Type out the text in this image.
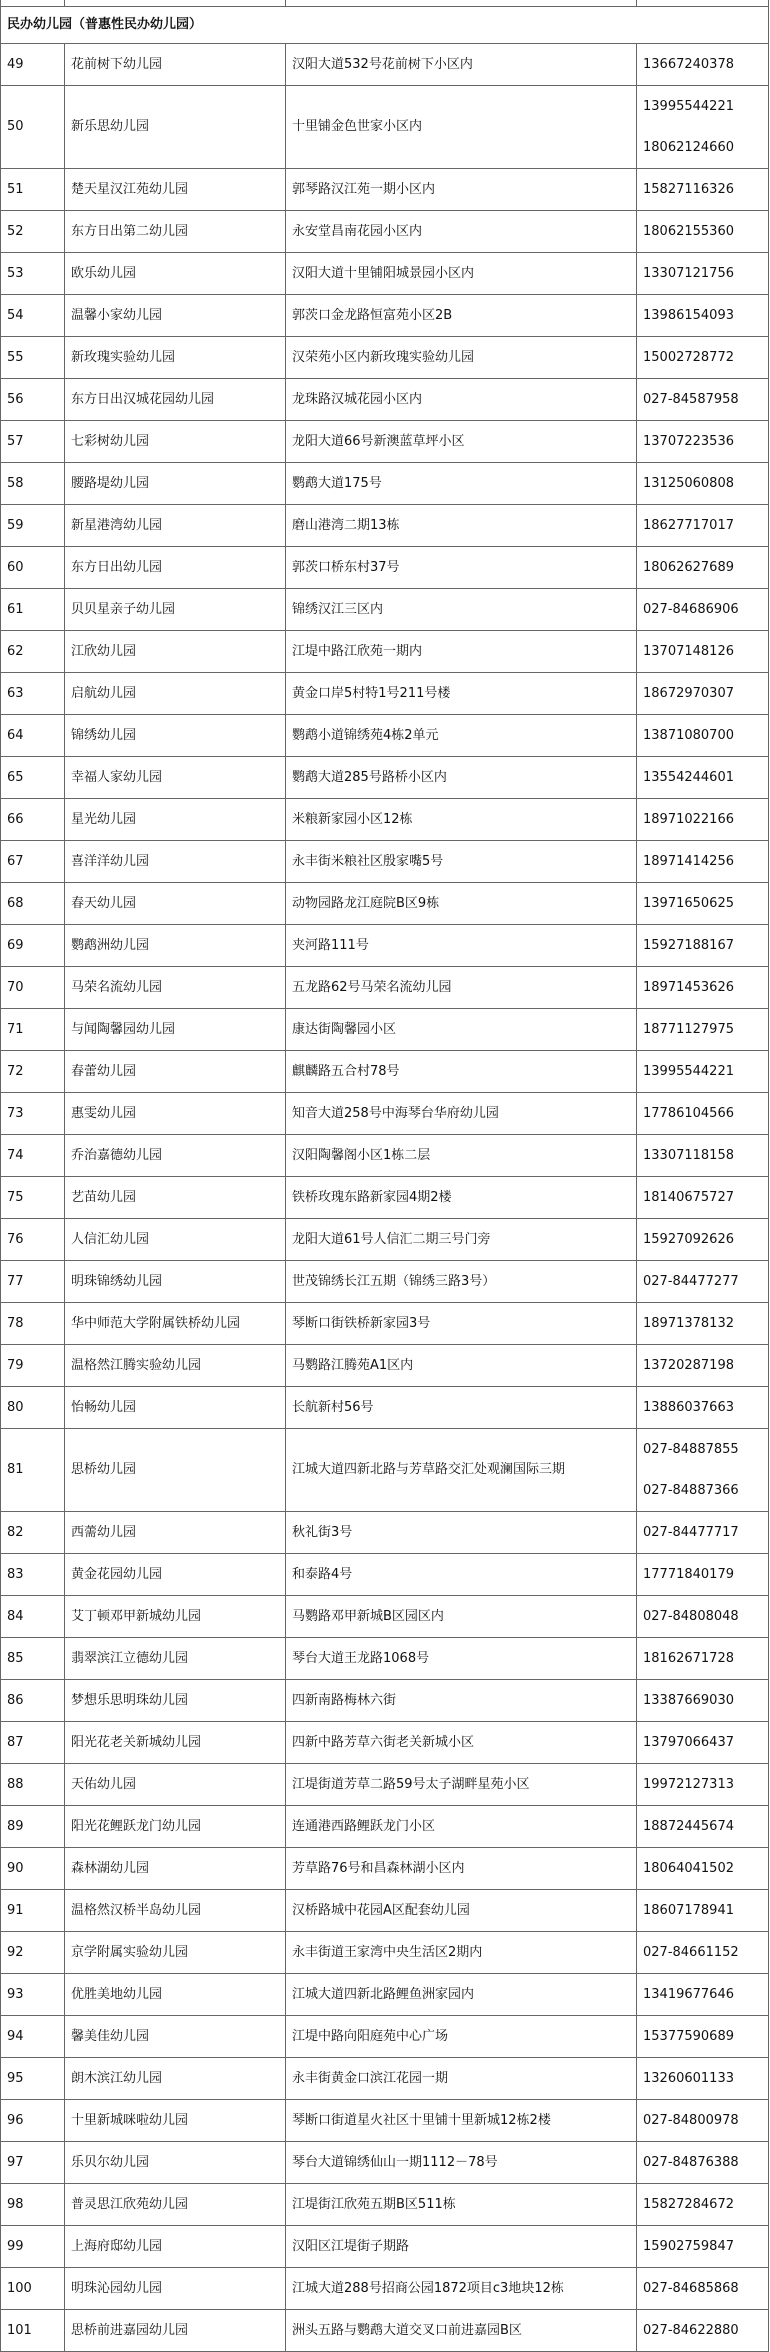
民办幼儿园（普惠性民办幼儿园）			
49	花前树下幼儿园	汉阳大道532号花前树下小区内	13667240378

50	新乐思幼儿园	十里铺金色世家小区内	13995544221
18062124660

51	楚天星汉江苑幼儿园	郭琴路汉江苑一期小区内	15827116326

52	东方日出第二幼儿园	永安堂昌南花园小区内	18062155360

53	欧乐幼儿园	汉阳大道十里铺阳城景园小区内	13307121756

54	温馨小家幼儿园	郭茨口金龙路恒富苑小区2B	13986154093

55	新玫瑰实验幼儿园	汉荣苑小区内新玫瑰实验幼儿园	15002728772

56	东方日出汉城花园幼儿园	龙珠路汉城花园小区内	027-84587958

57	七彩树幼儿园	龙阳大道66号新澳蓝草坪小区	13707223536

58	腰路堤幼儿园	鹦鹉大道175号	13125060808

59	新星港湾幼儿园	磨山港湾二期13栋	18627717017

60	东方日出幼儿园	郭茨口桥东村37号	18062627689

61	贝贝星亲子幼儿园	锦绣汉江三区内	027-84686906

62	江欣幼儿园	江堤中路江欣苑一期内	13707148126

63	启航幼儿园	黄金口岸5村特1号211号楼	18672970307

64	锦绣幼儿园	鹦鹉小道锦绣苑4栋2单元	13871080700

65	幸福人家幼儿园	鹦鹉大道285号路桥小区内	13554244601

66	星光幼儿园	米粮新家园小区12栋	18971022166

67	喜洋洋幼儿园	永丰街米粮社区殷家嘴5号	18971414256

68	春天幼儿园	动物园路龙江庭院B区9栋	13971650625

69	鹦鹉洲幼儿园	夹河路111号	15927188167

70	马荣名流幼儿园	五龙路62号马荣名流幼儿园	18971453626

71	与闻陶馨园幼儿园	康达街陶馨园小区	18771127975

72	春蕾幼儿园	麒麟路五合村78号	13995544221

73	惠雯幼儿园	知音大道258号中海琴台华府幼儿园	17786104566

74	乔治嘉德幼儿园	汉阳陶馨阁小区1栋二层	13307118158

75	艺苗幼儿园	铁桥玫瑰东路新家园4期2楼	18140675727

76	人信汇幼儿园	龙阳大道61号人信汇二期三号门旁	15927092626

77	明珠锦绣幼儿园	世茂锦绣长江五期（锦绣三路3号）	027-84477277

78	华中师范大学附属铁桥幼儿园	琴断口街铁桥新家园3号	18971378132

79	温格然江腾实验幼儿园	马鹦路江腾苑A1区内	13720287198

80	怡畅幼儿园	长航新村56号	13886037663

81	思桥幼儿园	江城大道四新北路与芳草路交汇处观澜国际三期	027-84887855
027-84887366

82	西薷幼儿园	秋礼街3号	027-84477717

83	黄金花园幼儿园	和泰路4号	17771840179

84	艾丁顿邓甲新城幼儿园	马鹦路邓甲新城B区园区内	027-84808048

85	翡翠滨江立德幼儿园	琴台大道王龙路1068号	18162671728

86	梦想乐思明珠幼儿园	四新南路梅林六街	13387669030

87	阳光花老关新城幼儿园	四新中路芳草六街老关新城小区	13797066437

88	天佑幼儿园	江堤街道芳草二路59号太子湖畔星苑小区	19972127313

89	阳光花鲤跃龙门幼儿园	连通港西路鲤跃龙门小区	18872445674

90	森林湖幼儿园	芳草路76号和昌森林湖小区内	18064041502

91	温格然汉桥半岛幼儿园	汉桥路城中花园A区配套幼儿园	18607178941

92	京学附属实验幼儿园	永丰街道王家湾中央生活区2期内	027-84661152

93	优胜美地幼儿园	江城大道四新北路鲤鱼洲家园内	13419677646

94	馨美佳幼儿园	江堤中路向阳庭苑中心广场	15377590689

95	朗木滨江幼儿园	永丰街黄金口滨江花园一期	13260601133

96	十里新城咪啦幼儿园	琴断口街道星火社区十里铺十里新城12栋2楼	027-84800978

97	乐贝尔幼儿园	琴台大道锦绣仙山一期1112－78号	027-84876388

98	普灵思江欣苑幼儿园	江堤街江欣苑五期B区511栋	15827284672

99	上海府邸幼儿园	汉阳区江堤街子期路	15902759847

100	明珠沁园幼儿园	江城大道288号招商公园1872项目c3地块12栋	027-84685868

101	思桥前进嘉园幼儿园	洲头五路与鹦鹉大道交叉口前进嘉园B区	027-84622880
